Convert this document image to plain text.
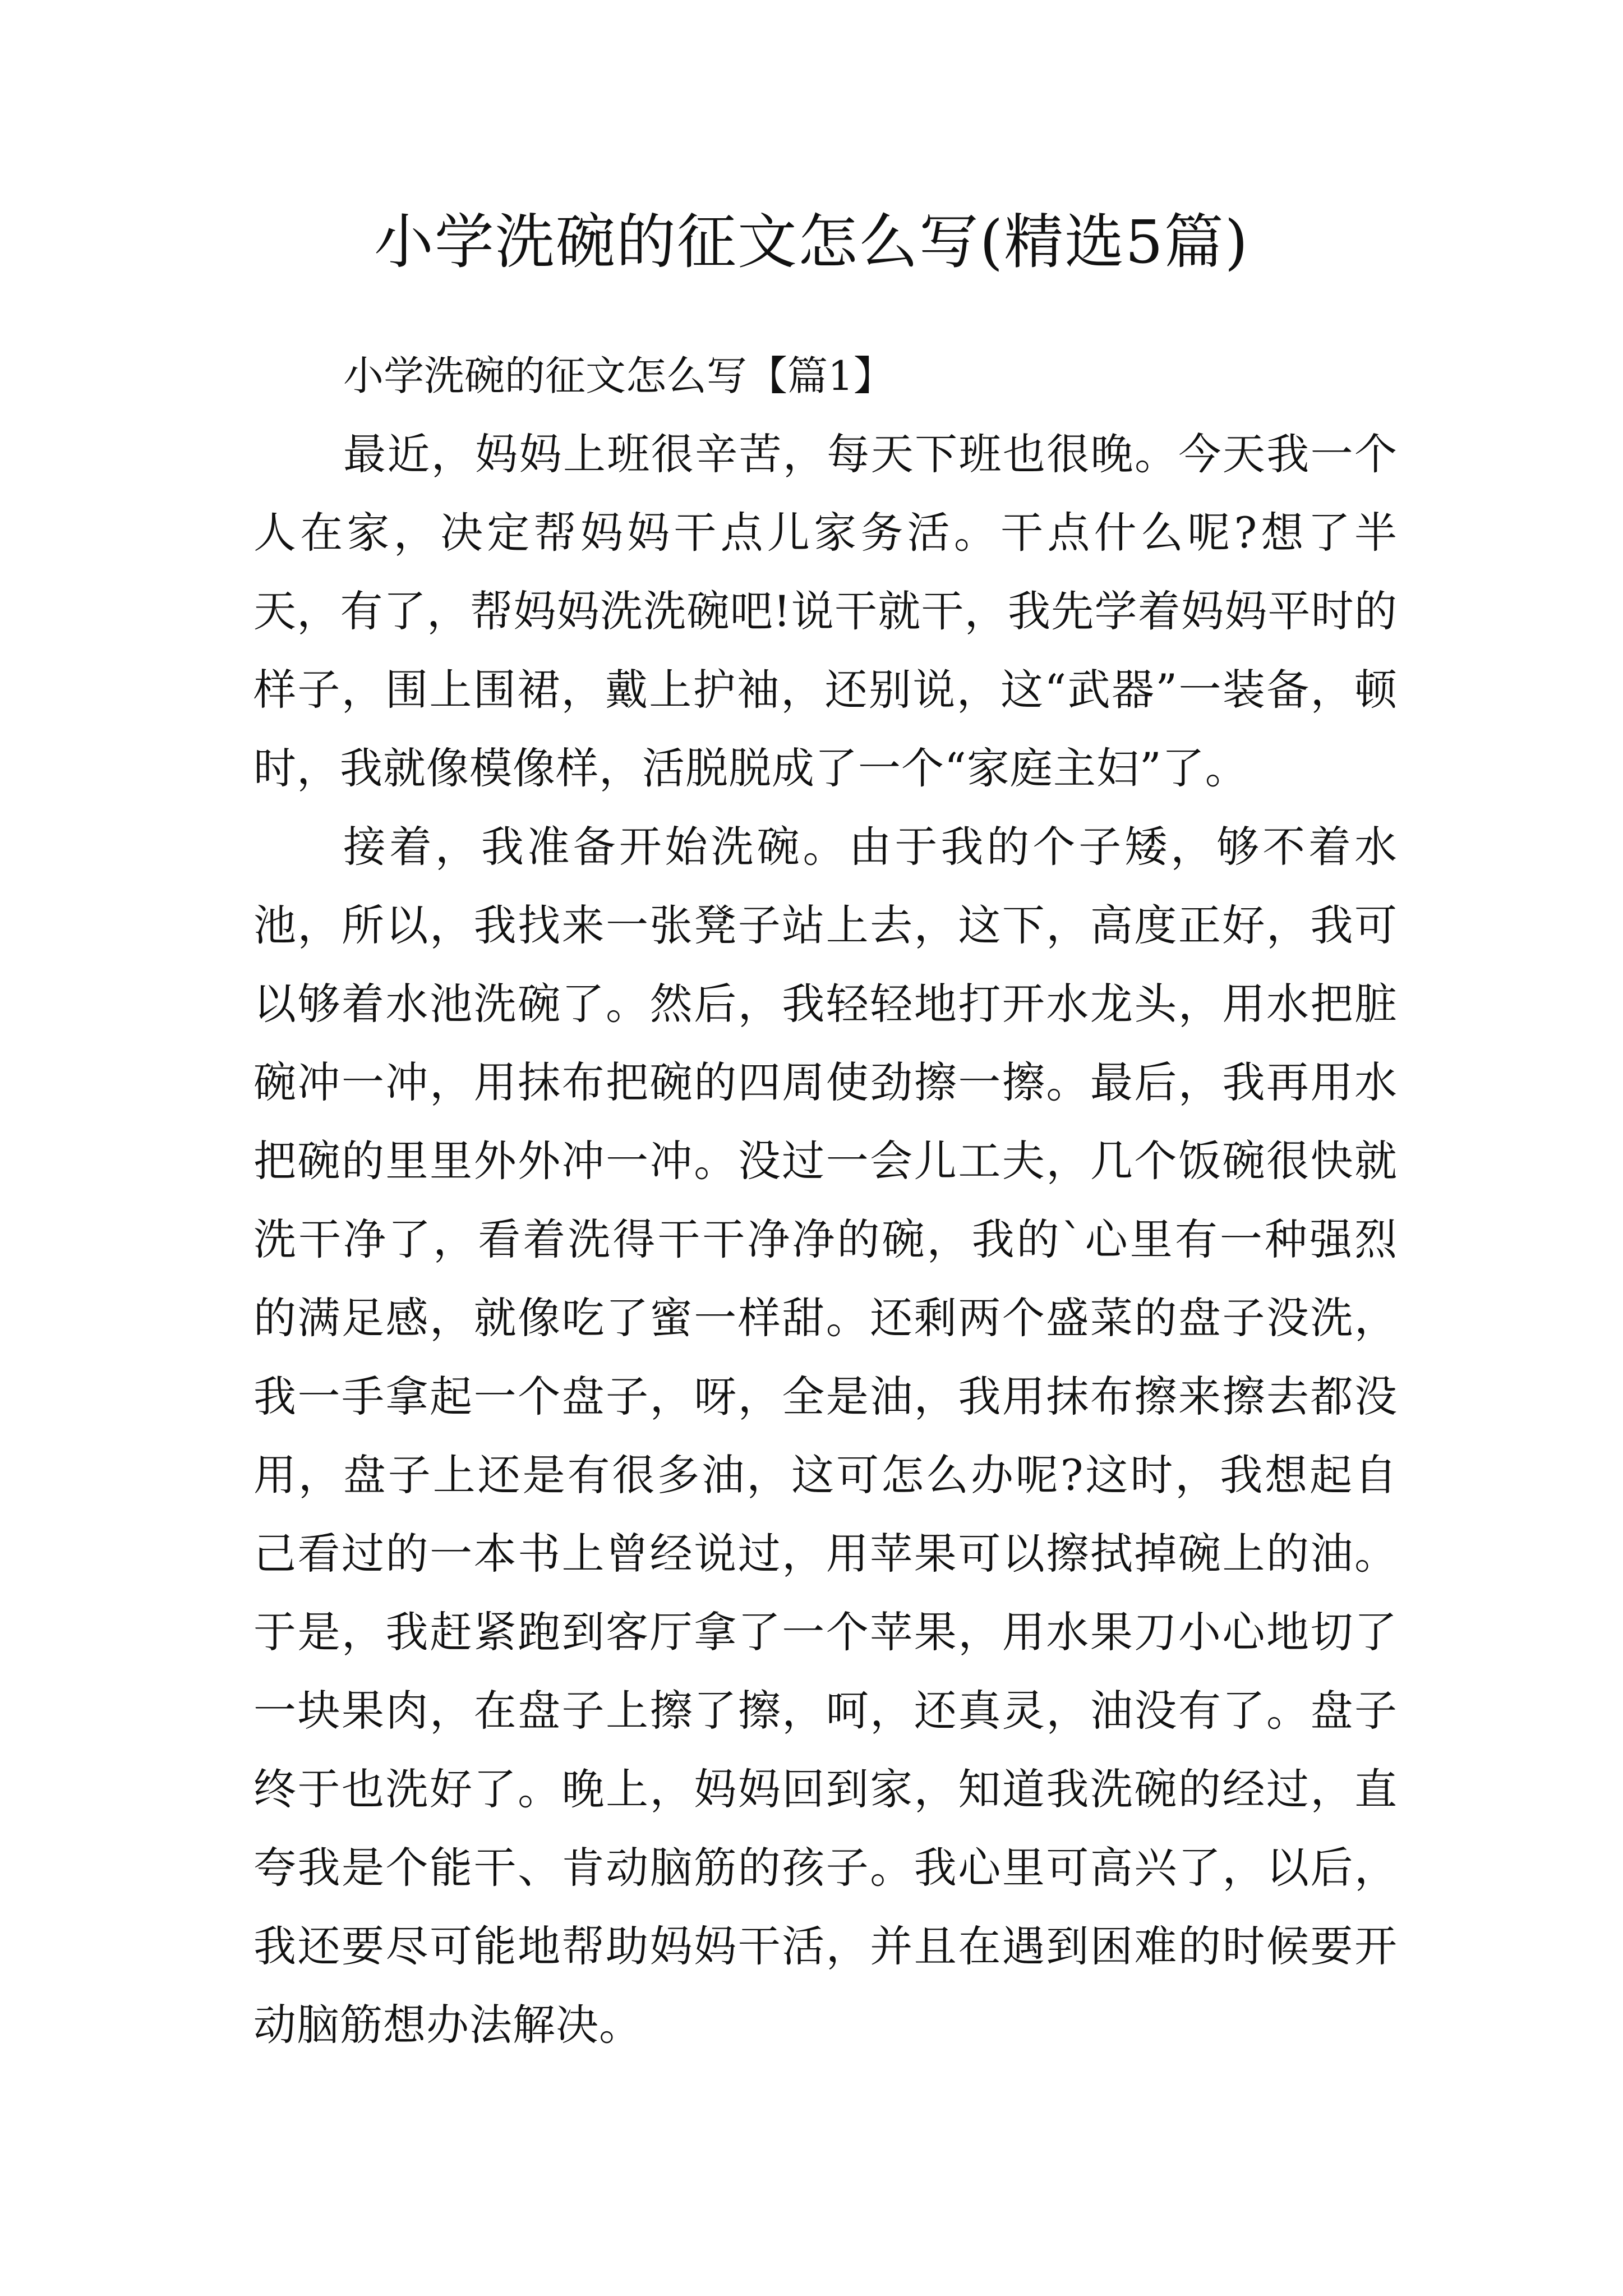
小学洗碗的征文怎么写(精选5篇)
小学洗碗的征文怎么写【篇1】

最近，妈妈上班很辛苦，每天下班也很晚。今天我一个人在家，决定帮妈妈干点儿家务活。干点什么呢?想了半天，有了，帮妈妈洗洗碗吧!说干就干，我先学着妈妈平时的样子，围上围裙，戴上护袖，还别说，这“武器”一装备，顿时，我就像模像样，活脱脱成了一个“家庭主妇”了。

接着，我准备开始洗碗。由于我的个子矮，够不着水池，所以，我找来一张凳子站上去，这下，高度正好，我可以够着水池洗碗了。然后，我轻轻地打开水龙头，用水把脏碗冲一冲，用抹布把碗的四周使劲擦一擦。最后，我再用水把碗的里里外外冲一冲。没过一会儿工夫，几个饭碗很快就洗干净了，看着洗得干干净净的碗，我的`心里有一种强烈的满足感，就像吃了蜜一样甜。还剩两个盛菜的盘子没洗，我一手拿起一个盘子，呀，全是油，我用抹布擦来擦去都没用，盘子上还是有很多油，这可怎么办呢?这时，我想起自己看过的一本书上曾经说过，用苹果可以擦拭掉碗上的油。于是，我赶紧跑到客厅拿了一个苹果，用水果刀小心地切了一块果肉，在盘子上擦了擦，呵，还真灵，油没有了。盘子终于也洗好了。晚上，妈妈回到家，知道我洗碗的经过，直夸我是个能干、肯动脑筋的孩子。我心里可高兴了，以后，我还要尽可能地帮助妈妈干活，并且在遇到困难的时候要开动脑筋想办法解决。
